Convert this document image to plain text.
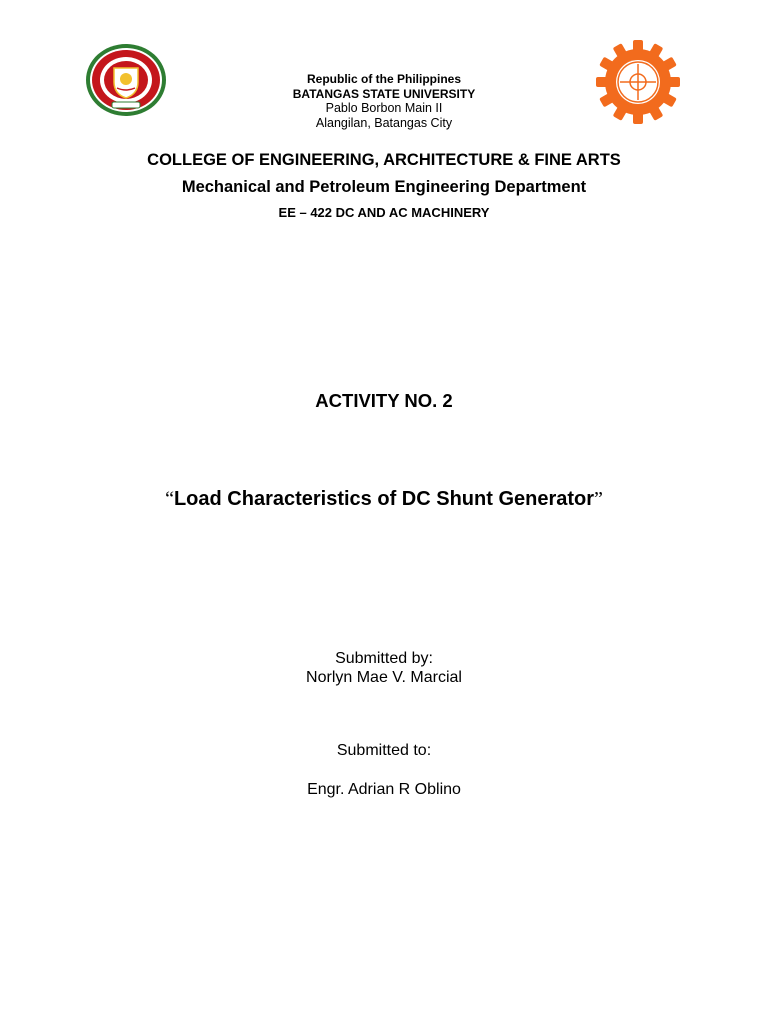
Republic of the Philippines
BATANGAS STATE UNIVERSITY
Pablo Borbon Main II
Alangilan, Batangas City
COLLEGE OF ENGINEERING, ARCHITECTURE & FINE ARTS
Mechanical and Petroleum Engineering Department
EE – 422 DC AND AC MACHINERY
ACTIVITY NO. 2
“Load Characteristics of DC Shunt Generator”
Submitted by:
Norlyn Mae V. Marcial
Submitted to:
Engr. Adrian R Oblino
